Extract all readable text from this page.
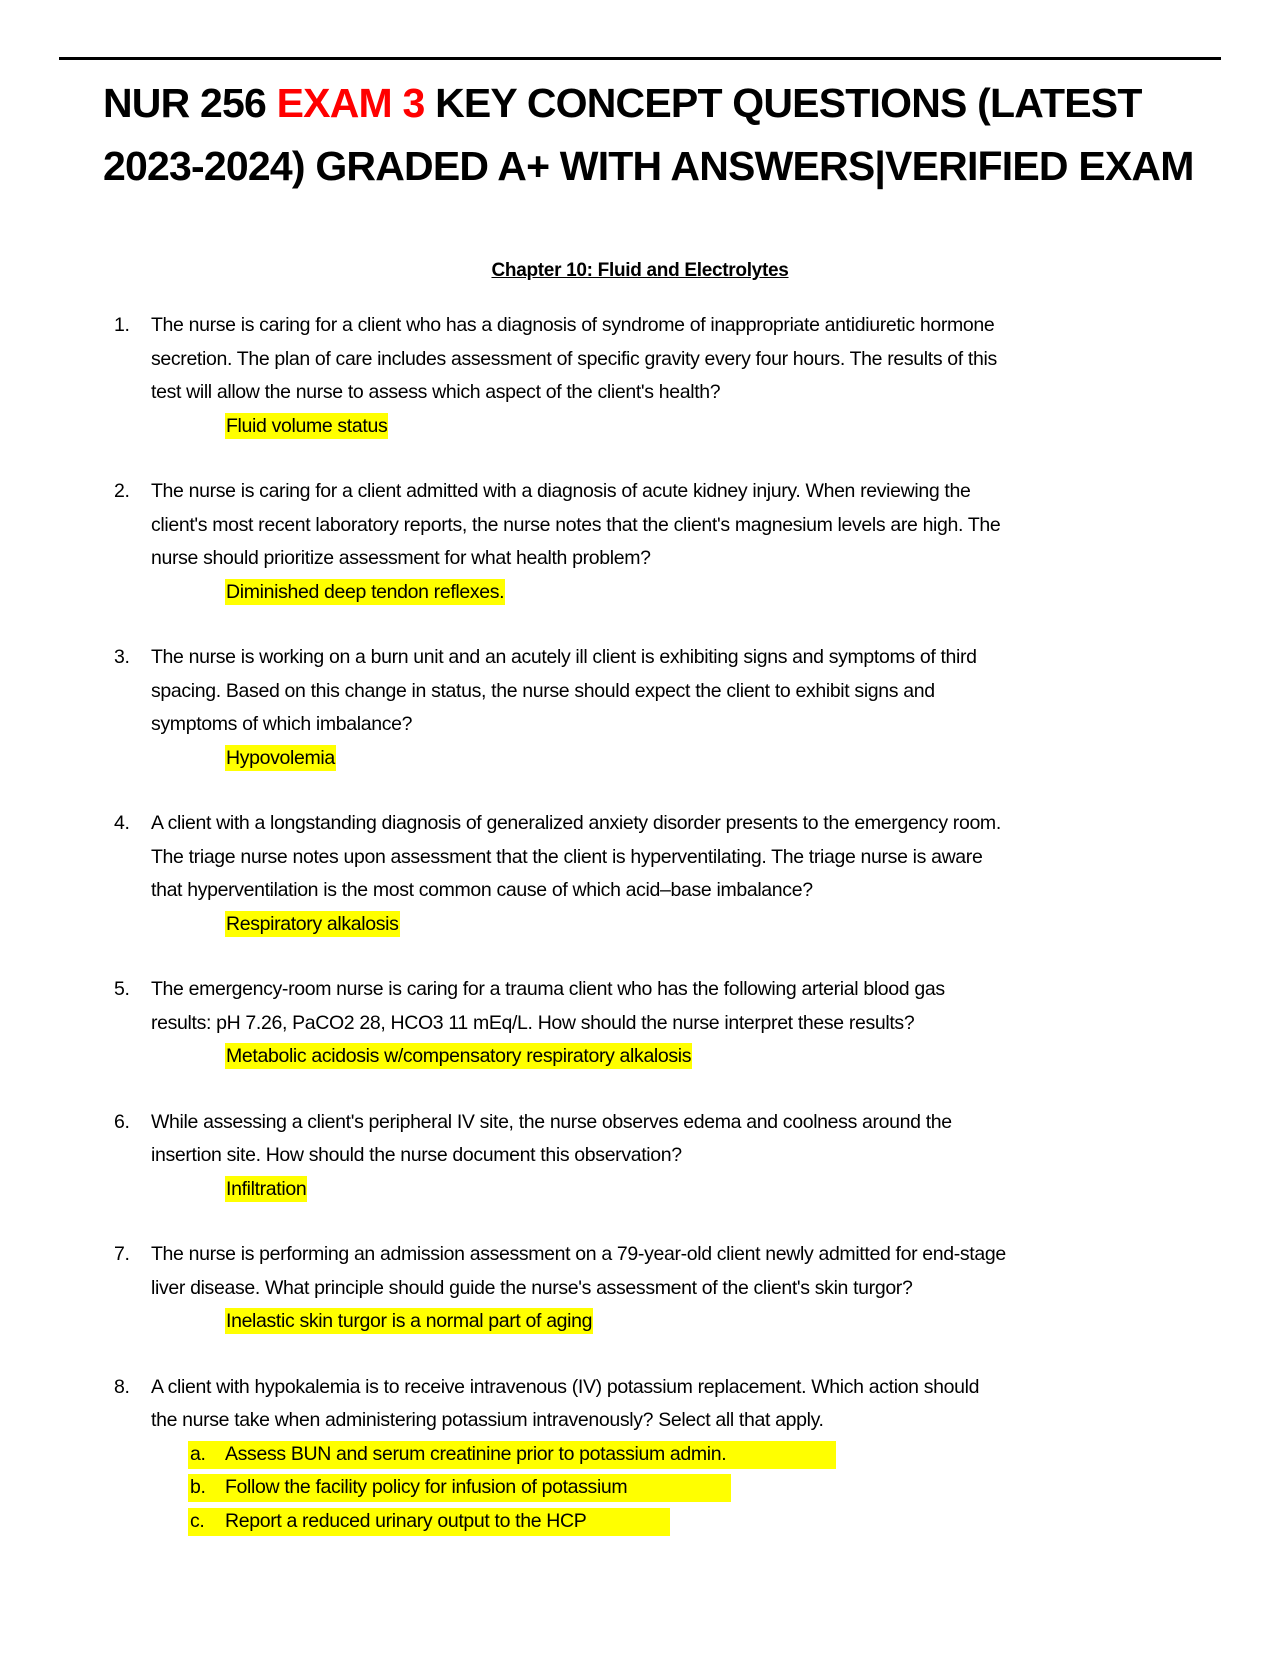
NUR 256 EXAM 3 KEY CONCEPT QUESTIONS (LATEST 2023-2024) GRADED A+ WITH ANSWERS|VERIFIED EXAM
Chapter 10: Fluid and Electrolytes
1.	The nurse is caring for a client who has a diagnosis of syndrome of inappropriate antidiuretic hormone
secretion. The plan of care includes assessment of specific gravity every four hours. The results of this
test will allow the nurse to assess which aspect of the client's health?
Fluid volume status
2.	The nurse is caring for a client admitted with a diagnosis of acute kidney injury. When reviewing the
client's most recent laboratory reports, the nurse notes that the client's magnesium levels are high. The
nurse should prioritize assessment for what health problem?
Diminished deep tendon reflexes.
3.	The nurse is working on a burn unit and an acutely ill client is exhibiting signs and symptoms of third
spacing. Based on this change in status, the nurse should expect the client to exhibit signs and
symptoms of which imbalance?
Hypovolemia
4.	A client with a longstanding diagnosis of generalized anxiety disorder presents to the emergency room.
The triage nurse notes upon assessment that the client is hyperventilating. The triage nurse is aware
that hyperventilation is the most common cause of which acid–base imbalance?
Respiratory alkalosis
5.	The emergency-room nurse is caring for a trauma client who has the following arterial blood gas
results: pH 7.26, PaCO2 28, HCO3 11 mEq/L. How should the nurse interpret these results?
Metabolic acidosis w/compensatory respiratory alkalosis
6.	While assessing a client's peripheral IV site, the nurse observes edema and coolness around the
insertion site. How should the nurse document this observation?
Infiltration
7.	The nurse is performing an admission assessment on a 79-year-old client newly admitted for end-stage
liver disease. What principle should guide the nurse's assessment of the client's skin turgor?
Inelastic skin turgor is a normal part of aging
8.	A client with hypokalemia is to receive intravenous (IV) potassium replacement. Which action should
the nurse take when administering potassium intravenously? Select all that apply.
a. Assess BUN and serum creatinine prior to potassium admin.
b. Follow the facility policy for infusion of potassium
c. Report a reduced urinary output to the HCP
